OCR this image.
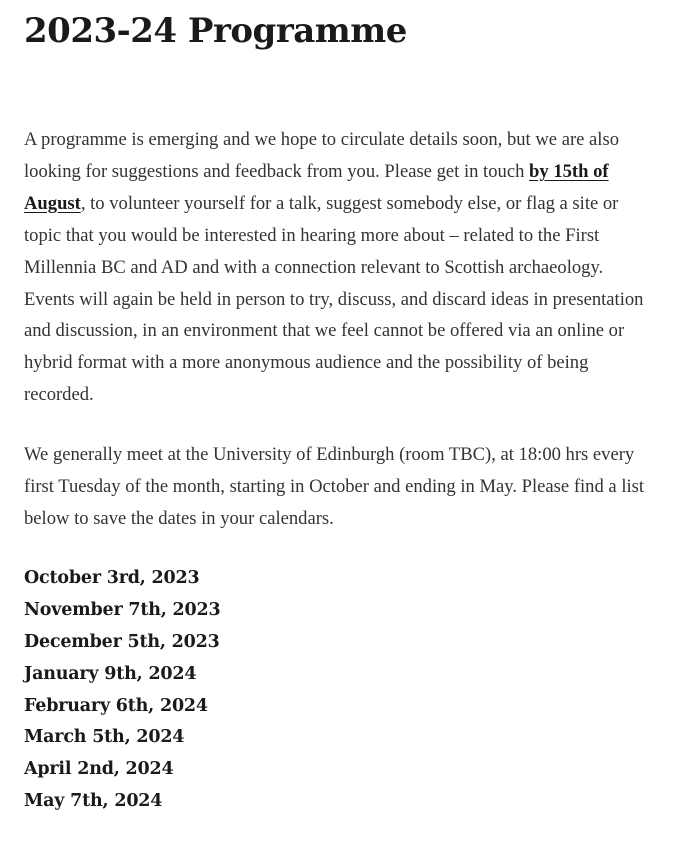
2023-24 Programme

A programme is emerging and we hope to circulate details soon, but we are also looking for suggestions and feedback from you. Please get in touch by 15th of August, to volunteer yourself for a talk, suggest somebody else, or flag a site or topic that you would be interested in hearing more about – related to the First Millennia BC and AD and with a connection relevant to Scottish archaeology. Events will again be held in person to try, discuss, and discard ideas in presentation and discussion, in an environment that we feel cannot be offered via an online or hybrid format with a more anonymous audience and the possibility of being recorded.

We generally meet at the University of Edinburgh (room TBC), at 18:00 hrs every first Tuesday of the month, starting in October and ending in May. Please find a list below to save the dates in your calendars.

October 3rd, 2023
November 7th, 2023
December 5th, 2023
January 9th, 2024
February 6th, 2024
March 5th, 2024
April 2nd, 2024
May 7th, 2024
